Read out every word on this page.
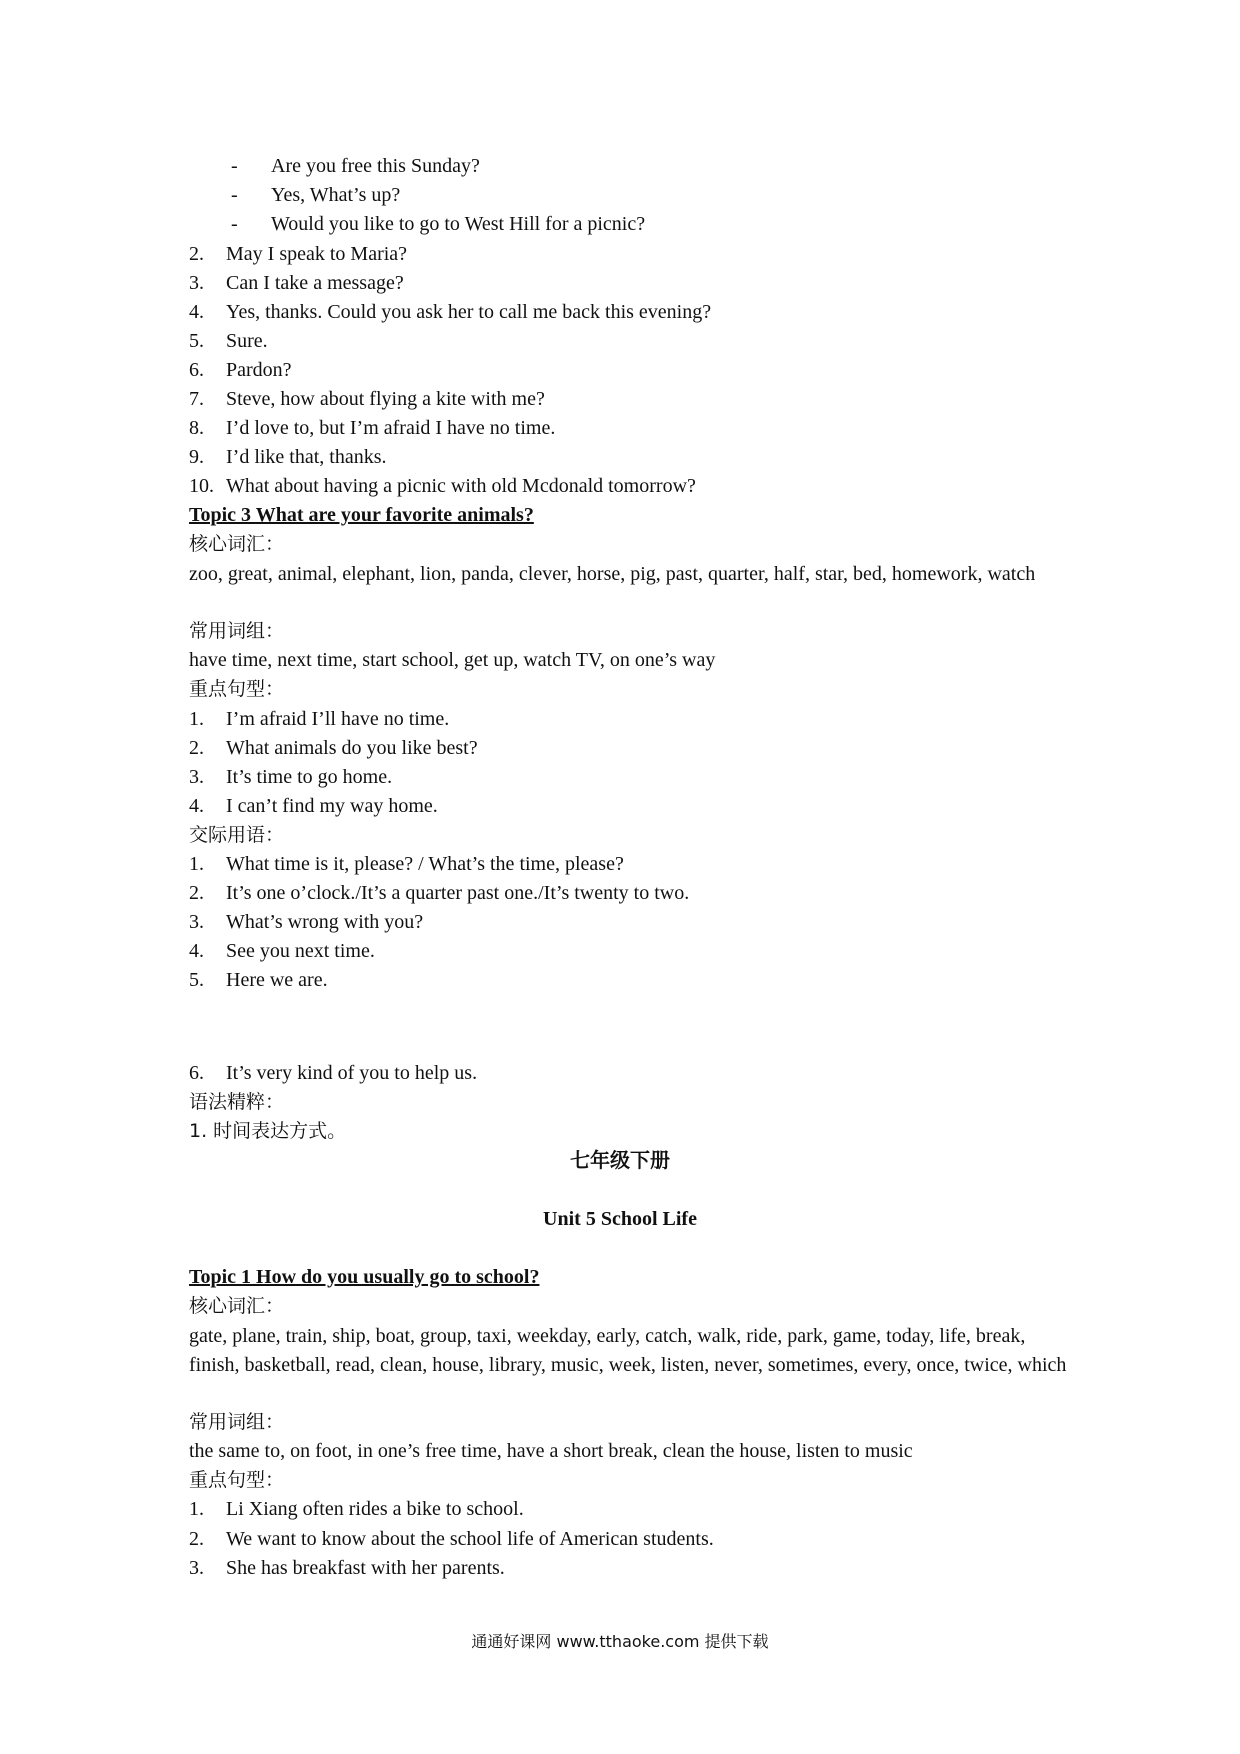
- Are you free this Sunday?
- Yes, What’s up?
- Would you like to go to West Hill for a picnic?
2. May I speak to Maria?
3. Can I take a message?
4. Yes, thanks. Could you ask her to call me back this evening?
5. Sure.
6. Pardon?
7. Steve, how about flying a kite with me?
8. I’d love to, but I’m afraid I have no time.
9. I’d like that, thanks.
10. What about having a picnic with old Mcdonald tomorrow?
Topic 3 What are your favorite animals?
核心词汇：
zoo, great, animal, elephant, lion, panda, clever, horse, pig, past, quarter, half, star, bed, homework, watch
常用词组：
have time, next time, start school, get up, watch TV, on one’s way
重点句型：
1. I’m afraid I’ll have no time.
2. What animals do you like best?
3. It’s time to go home.
4. I can’t find my way home.
交际用语：
1. What time is it, please? / What’s the time, please?
2. It’s one o’clock./It’s a quarter past one./It’s twenty to two.
3. What’s wrong with you?
4. See you next time.
5. Here we are.
6. It’s very kind of you to help us.
语法精粹：
1. 时间表达方式。
七年级下册
Unit 5 School Life
Topic 1 How do you usually go to school?
核心词汇：
gate, plane, train, ship, boat, group, taxi, weekday, early, catch, walk, ride, park, game, today, life, break, finish, basketball, read, clean, house, library, music, week, listen, never, sometimes, every, once, twice, which
常用词组：
the same to, on foot, in one’s free time, have a short break, clean the house, listen to music
重点句型：
1. Li Xiang often rides a bike to school.
2. We want to know about the school life of American students.
3. She has breakfast with her parents.
通通好课网 www.tthaoke.com 提供下载
